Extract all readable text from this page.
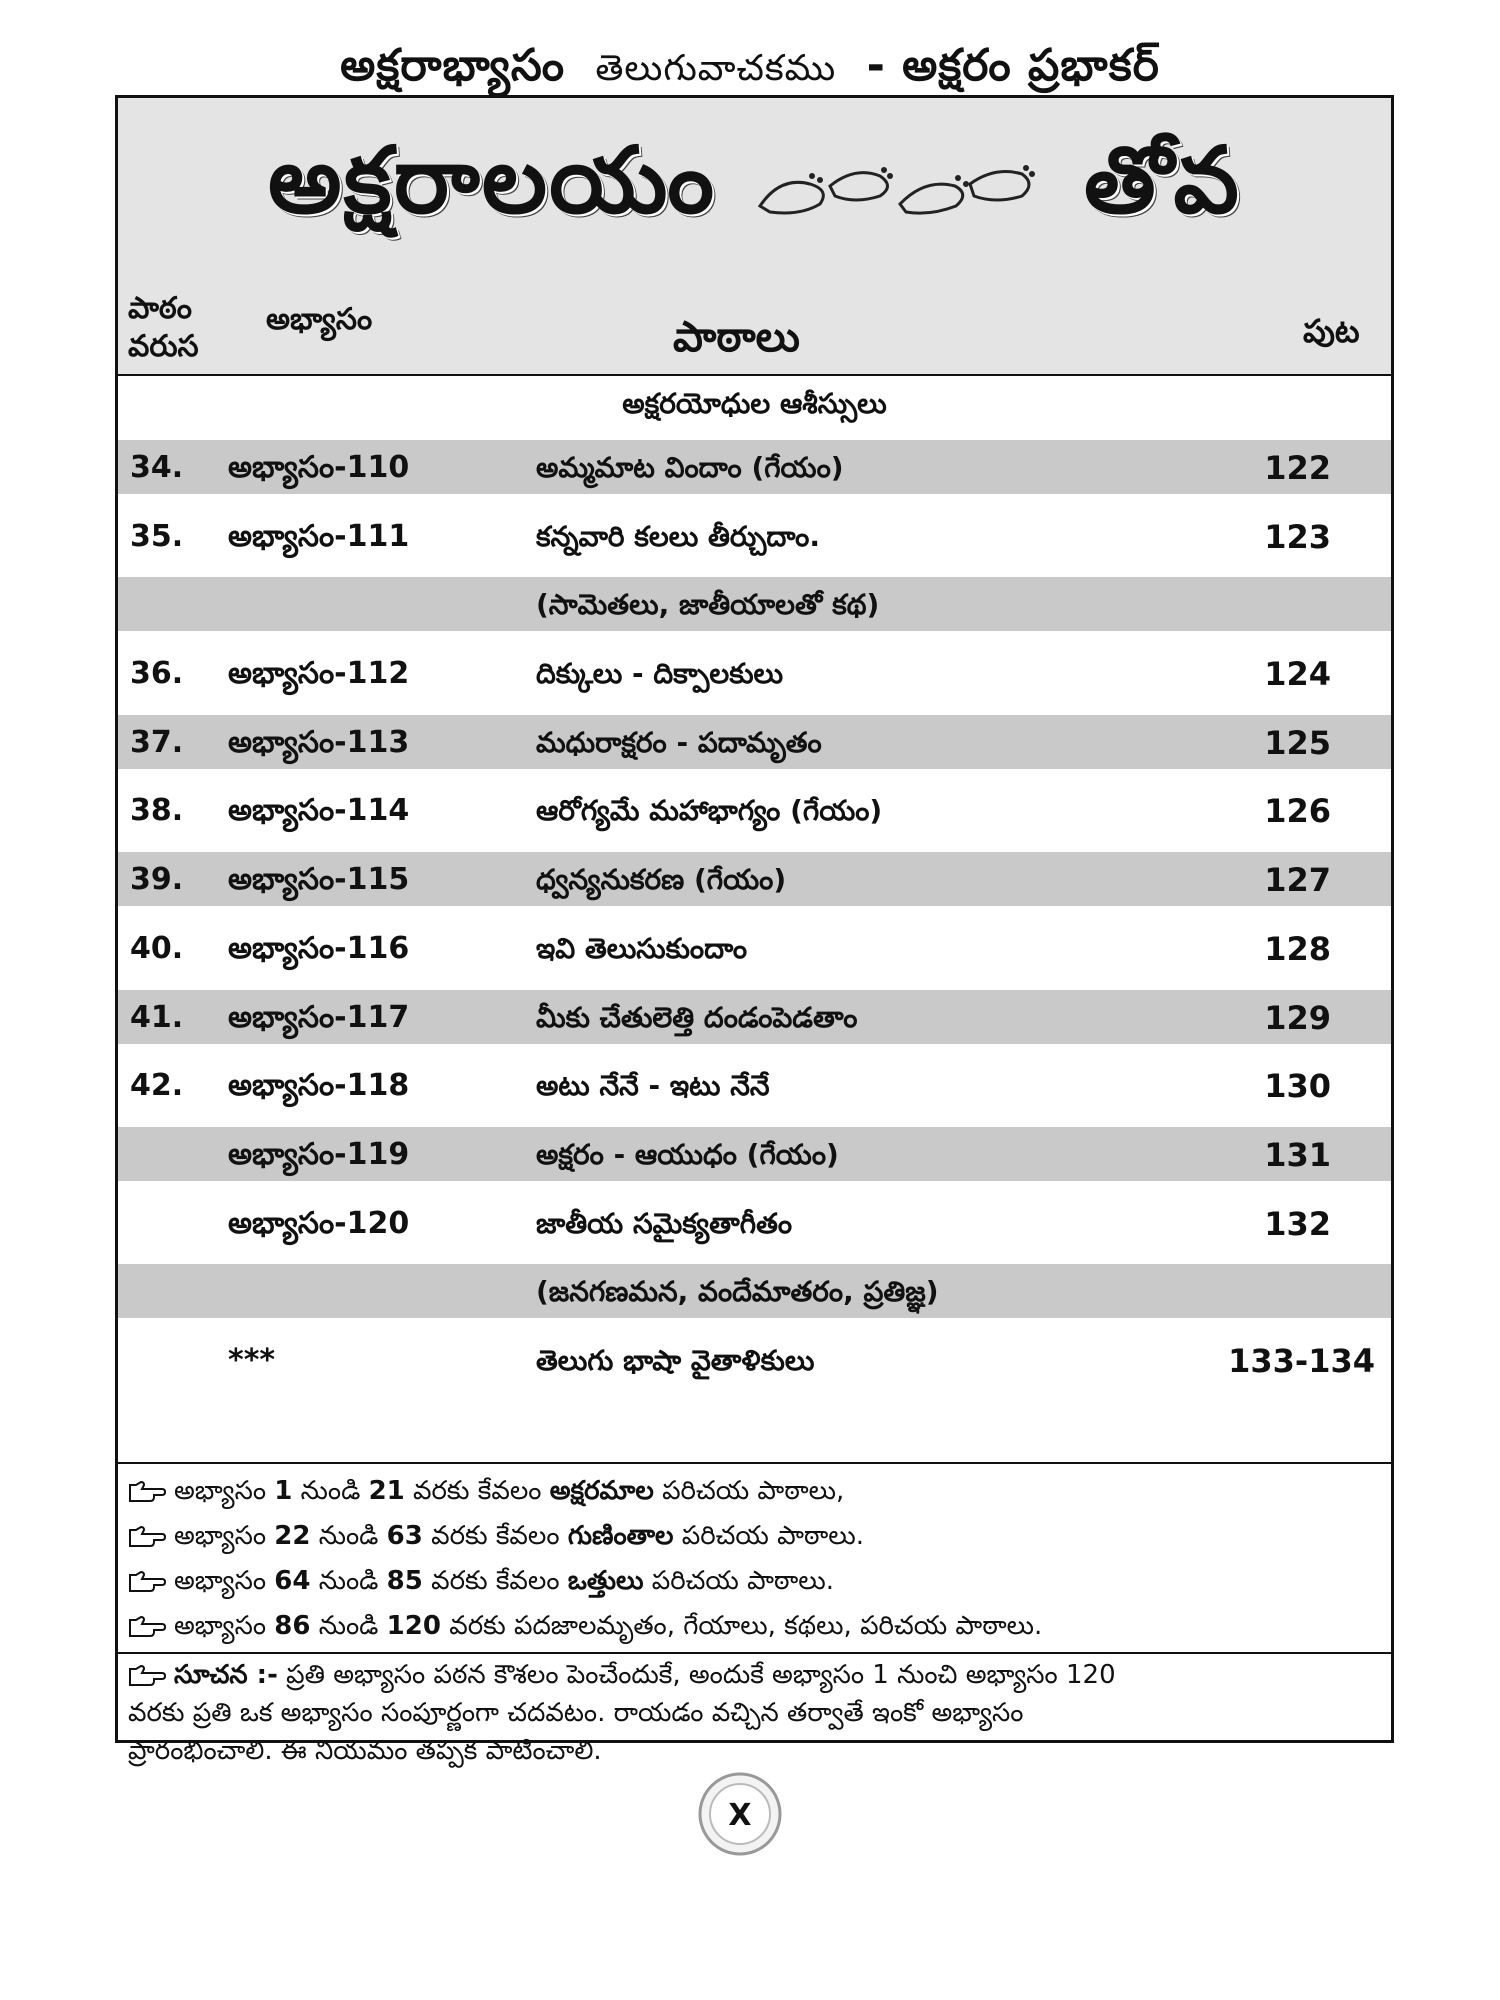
అక్షరాభ్యాసం తెలుగువాచకము - అక్షరం ప్రభాకర్
అక్షరాలయం	తోవ
పాఠం
వరుస
అభ్యాసం	పాఠాలు	పుట
అక్షరయోధుల ఆశీస్సులు
34. అభ్యాసం-110	అమ్మమాట విందాం (గేయం)	122
35. అభ్యాసం-111	కన్నవారి కలలు తీర్చుదాం.	123
(సామెతలు, జాతీయాలతో కథ)
36. అభ్యాసం-112	దిక్కులు - దిక్పాలకులు	124
37. అభ్యాసం-113	మధురాక్షరం - పదామృతం	125
38. అభ్యాసం-114	ఆరోగ్యమే మహాభాగ్యం (గేయం)	126
39. అభ్యాసం-115	ధ్వన్యనుకరణ (గేయం)	127
40. అభ్యాసం-116	ఇవి తెలుసుకుందాం	128
41. అభ్యాసం-117	మీకు చేతులెత్తి దండంపెడతాం	129
42. అభ్యాసం-118	అటు నేనే - ఇటు నేనే	130
అభ్యాసం-119	అక్షరం - ఆయుధం (గేయం)	131
అభ్యాసం-120	జాతీయ సమైక్యతాగీతం	132
(జనగణమన, వందేమాతరం, ప్రతిజ్ఞ)
***	తెలుగు భాషా వైతాళికులు	133-134
అభ్యాసం 1 నుండి 21 వరకు కేవలం అక్షరమాల పరిచయ పాఠాలు,
అభ్యాసం 22 నుండి 63 వరకు కేవలం గుణింతాల పరిచయ పాఠాలు.
అభ్యాసం 64 నుండి 85 వరకు కేవలం ఒత్తులు పరిచయ పాఠాలు.
అభ్యాసం 86 నుండి 120 వరకు పదజాలమృతం, గేయాలు, కథలు, పరిచయ పాఠాలు.
సూచన :- ప్రతి అభ్యాసం పఠన కౌశలం పెంచేందుకే, అందుకే అభ్యాసం 1 నుంచి అభ్యాసం 120
వరకు ప్రతి ఒక అభ్యాసం సంపూర్ణంగా చదవటం. రాయడం వచ్చిన తర్వాతే ఇంకో అభ్యాసం
ప్రారంభించాలి. ఈ నియమం తప్పక పాటించాలి.
X
